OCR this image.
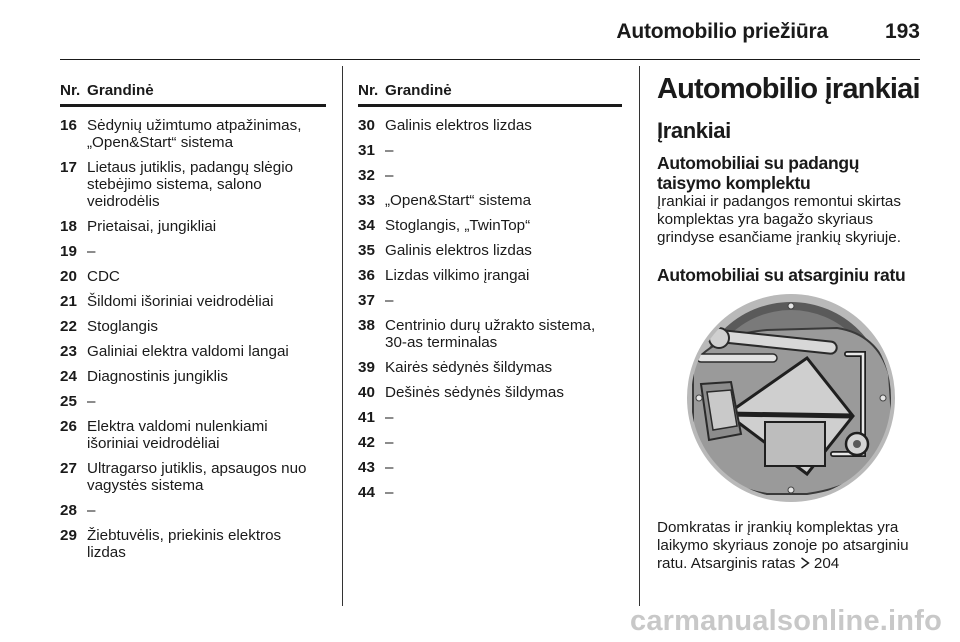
Automobilio priežiūra	193
Nr. Grandinė
16 Sėdynių užimtumo atpažinimas,
„Open&Start“ sistema
17 Lietaus jutiklis, padangų slėgio
stebėjimo sistema, salono
veidrodėlis
18 Prietaisai, jungikliai
19 –
20 CDC
21 Šildomi išoriniai veidrodėliai
22 Stoglangis
23 Galiniai elektra valdomi langai
24 Diagnostinis jungiklis
25 –
26 Elektra valdomi nulenkiami
išoriniai veidrodėliai
27 Ultragarso jutiklis, apsaugos nuo
vagystės sistema
28 –
29 Žiebtuvėlis, priekinis elektros
lizdas
Nr. Grandinė
30 Galinis elektros lizdas
31 –
32 –
33 „Open&Start“ sistema
34 Stoglangis, „TwinTop“
35 Galinis elektros lizdas
36 Lizdas vilkimo įrangai
37 –
38 Centrinio durų užrakto sistema,
30-as terminalas
39 Kairės sėdynės šildymas
40 Dešinės sėdynės šildymas
41 –
42 –
43 –
44 –
Automobilio įrankiai
Įrankiai
Automobiliai su padangų
taisymo komplektu
Įrankiai ir padangos remontui skirtas
komplektas yra bagažo skyriaus
grindyse esančiame įrankių skyriuje.
Automobiliai su atsarginiu ratu
Domkratas ir įrankių komplektas yra
laikymo skyriaus zonoje po atsarginiu
ratu. Atsarginis ratas  204
carmanualsonline.info
